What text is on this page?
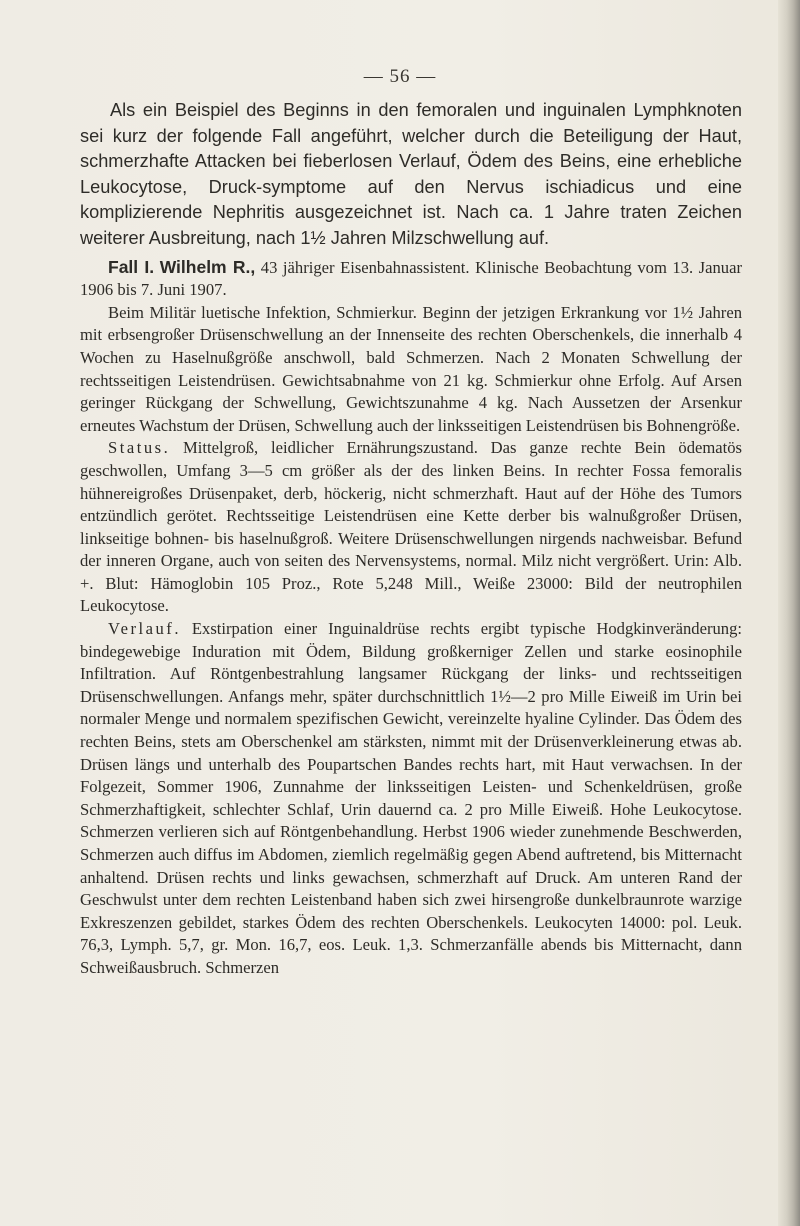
— 56 —

Als ein Beispiel des Beginns in den femoralen und inguinalen Lymphknoten sei kurz der folgende Fall angeführt, welcher durch die Beteiligung der Haut, schmerzhafte Attacken bei fieberlosen Verlauf, Ödem des Beins, eine erhebliche Leukocytose, Druck-symptome auf den Nervus ischiadicus und eine komplizierende Nephritis ausgezeichnet ist. Nach ca. 1 Jahre traten Zeichen weiterer Ausbreitung, nach 1½ Jahren Milzschwellung auf.

Fall I. Wilhelm R., 43 jähriger Eisenbahnassistent. Klinische Beobachtung vom 13. Januar 1906 bis 7. Juni 1907.

Beim Militär luetische Infektion, Schmierkur. Beginn der jetzigen Erkrankung vor 1½ Jahren mit erbsengroßer Drüsenschwellung an der Innenseite des rechten Oberschenkels, die innerhalb 4 Wochen zu Haselnußgröße anschwoll, bald Schmerzen. Nach 2 Monaten Schwellung der rechtsseitigen Leistendrüsen. Gewichtsabnahme von 21 kg. Schmierkur ohne Erfolg. Auf Arsen geringer Rückgang der Schwellung, Gewichtszunahme 4 kg. Nach Aussetzen der Arsenkur erneutes Wachstum der Drüsen, Schwellung auch der linksseitigen Leistendrüsen bis Bohnengröße.

Status. Mittelgroß, leidlicher Ernährungszustand. Das ganze rechte Bein ödematös geschwollen, Umfang 3—5 cm größer als der des linken Beins. In rechter Fossa femoralis hühnereigroßes Drüsenpaket, derb, höckerig, nicht schmerzhaft. Haut auf der Höhe des Tumors entzündlich gerötet. Rechtsseitige Leistendrüsen eine Kette derber bis walnußgroßer Drüsen, linkseitige bohnen- bis haselnußgroß. Weitere Drüsenschwellungen nirgends nachweisbar. Befund der inneren Organe, auch von seiten des Nervensystems, normal. Milz nicht vergrößert. Urin: Alb. +. Blut: Hämoglobin 105 Proz., Rote 5,248 Mill., Weiße 23000: Bild der neutrophilen Leukocytose.

Verlauf. Exstirpation einer Inguinaldrüse rechts ergibt typische Hodgkinveränderung: bindegewebige Induration mit Ödem, Bildung großkerniger Zellen und starke eosinophile Infiltration. Auf Röntgenbestrahlung langsamer Rückgang der links- und rechtsseitigen Drüsenschwellungen. Anfangs mehr, später durchschnittlich 1½—2 pro Mille Eiweiß im Urin bei normaler Menge und normalem spezifischen Gewicht, vereinzelte hyaline Cylinder. Das Ödem des rechten Beins, stets am Oberschenkel am stärksten, nimmt mit der Drüsenverkleinerung etwas ab. Drüsen längs und unterhalb des Poupartschen Bandes rechts hart, mit Haut verwachsen. In der Folgezeit, Sommer 1906, Zunnahme der linksseitigen Leisten- und Schenkeldrüsen, große Schmerzhaftigkeit, schlechter Schlaf, Urin dauernd ca. 2 pro Mille Eiweiß. Hohe Leukocytose. Schmerzen verlieren sich auf Röntgenbehandlung. Herbst 1906 wieder zunehmende Beschwerden, Schmerzen auch diffus im Abdomen, ziemlich regelmäßig gegen Abend auftretend, bis Mitternacht anhaltend. Drüsen rechts und links gewachsen, schmerzhaft auf Druck. Am unteren Rand der Geschwulst unter dem rechten Leistenband haben sich zwei hirsengroße dunkelbraunrote warzige Exkreszenzen gebildet, starkes Ödem des rechten Oberschenkels. Leukocyten 14000: pol. Leuk. 76,3, Lymph. 5,7, gr. Mon. 16,7, eos. Leuk. 1,3. Schmerzanfälle abends bis Mitternacht, dann Schweißausbruch. Schmerzen
